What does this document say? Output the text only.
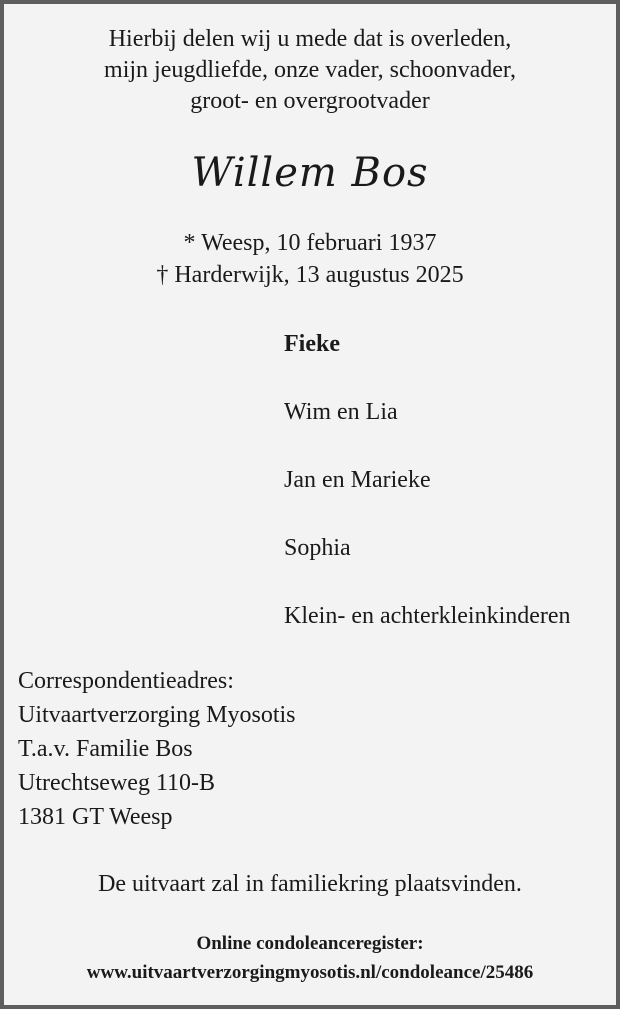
Hierbij delen wij u mede dat is overleden,
mijn jeugdliefde, onze vader, schoonvader,
groot- en overgrootvader
Willem Bos
* Weesp, 10 februari 1937
† Harderwijk, 13 augustus 2025
Fieke
Wim en Lia
Jan en Marieke
Sophia
Klein- en achterkleinkinderen
Correspondentieadres:
Uitvaartverzorging Myosotis
T.a.v. Familie Bos
Utrechtseweg 110-B
1381 GT Weesp
De uitvaart zal in familiekring plaatsvinden.
Online condoleanceregister:
www.uitvaartverzorgingmyosotis.nl/condoleance/25486
